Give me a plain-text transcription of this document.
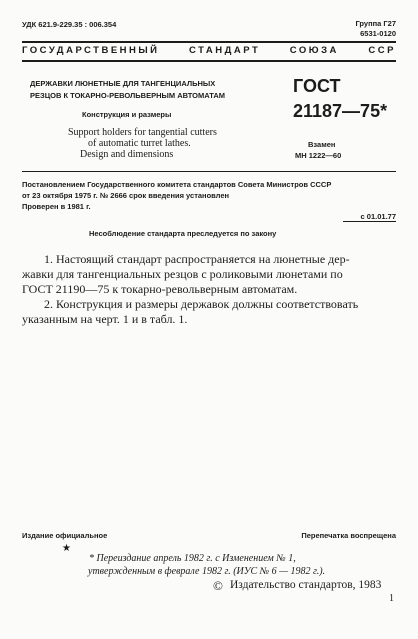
УДК 621.9-229.35 : 006.354	Группа Г27
6531-0120
ГОСУДАРСТВЕННЫЙ СТАНДАРТ СОЮЗА ССР
ДЕРЖАВКИ ЛЮНЕТНЫЕ ДЛЯ ТАНГЕНЦИАЛЬНЫХ
РЕЗЦОВ К ТОКАРНО-РЕВОЛЬВЕРНЫМ АВТОМАТАМ
Конструкция и размеры
Support holders for tangential cutters
of automatic turret lathes.
Design and dimensions
ГОСТ
21187—75*
Взамен
МН 1222—60
Постановлением Государственного комитета стандартов Совета Министров СССР
от 23 октября 1975 г. № 2666 срок введения установлен
Проверен в 1981 г.
с 01.01.77
Несоблюдение стандарта преследуется по закону
1. Настоящий стандарт распространяется на люнетные дер-
жавки для тангенциальных резцов с роликовыми люнетами по
ГОСТ 21190—75 к токарно-револьверным автоматам.
2. Конструкция и размеры державок должны соответствовать
указанным на черт. 1 и в табл. 1.
Издание официальное	Перепечатка воспрещена
★
* Переиздание апрель 1982 г. с Изменением № 1,
утвержденным в феврале 1982 г. (ИУС № 6 — 1982 г.).
© Издательство стандартов, 1983
1
